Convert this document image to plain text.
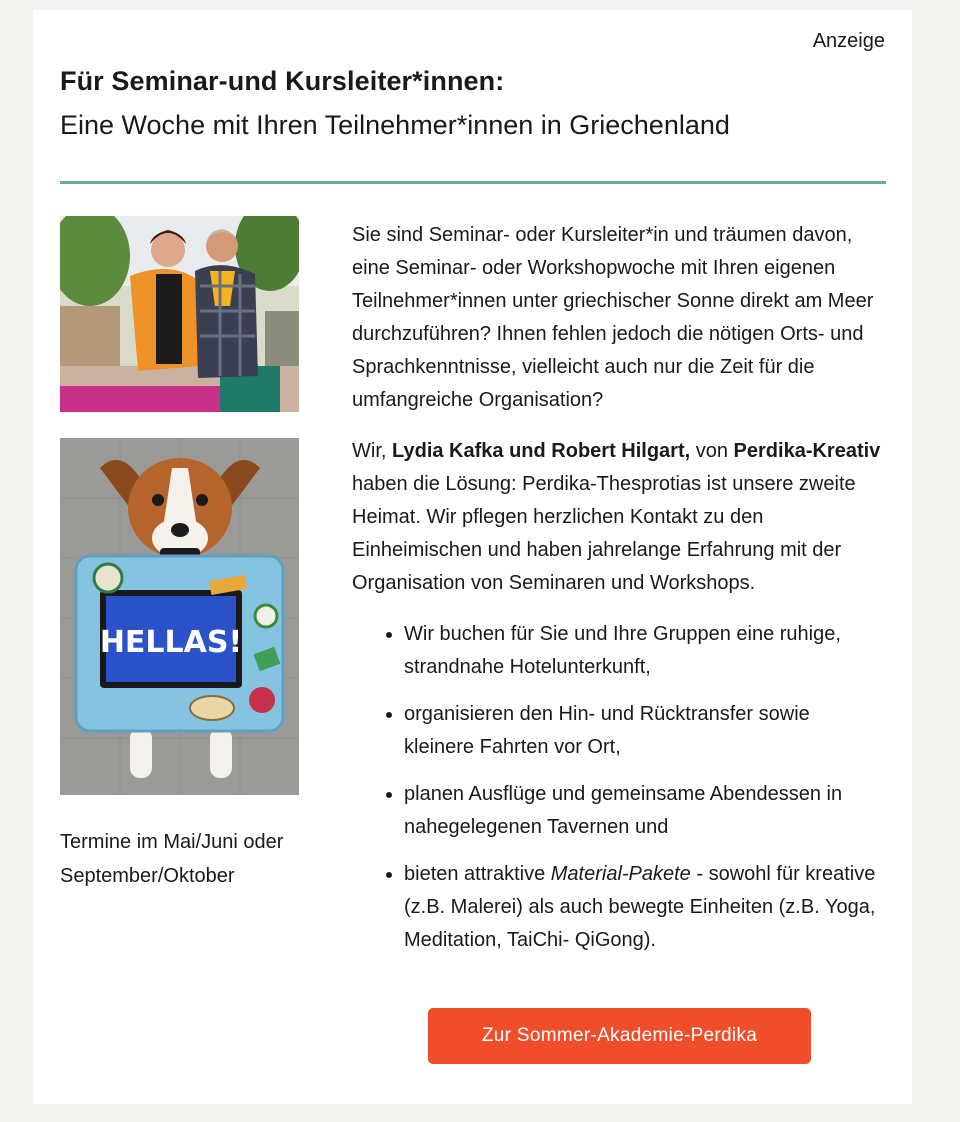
Anzeige
Für Seminar-und Kursleiter*innen:
Eine Woche mit Ihren Teilnehmer*innen in Griechenland
HELLAS!
Termine im Mai/Juni oder September/Oktober

Sie sind Seminar- oder Kursleiter*in und träumen davon, eine Seminar- oder Workshopwoche mit Ihren eigenen Teilnehmer*innen unter griechischer Sonne direkt am Meer durchzuführen? Ihnen fehlen jedoch die nötigen Orts- und Sprachkenntnisse, vielleicht auch nur die Zeit für die umfangreiche Organisation?

Wir, Lydia Kafka und Robert Hilgart, von Perdika-Kreativ haben die Lösung: Perdika-Thesprotias ist unsere zweite Heimat. Wir pflegen herzlichen Kontakt zu den Einheimischen und haben jahrelange Erfahrung mit der Organisation von Seminaren und Workshops.

• Wir buchen für Sie und Ihre Gruppen eine ruhige, strandnahe Hotelunterkunft,
• organisieren den Hin- und Rücktransfer sowie kleinere Fahrten vor Ort,
• planen Ausflüge und gemeinsame Abendessen in nahegelegenen Tavernen und
• bieten attraktive Material-Pakete - sowohl für kreative (z.B. Malerei) als auch bewegte Einheiten (z.B. Yoga, Meditation, TaiChi- QiGong).
Zur Sommer-Akademie-Perdika
